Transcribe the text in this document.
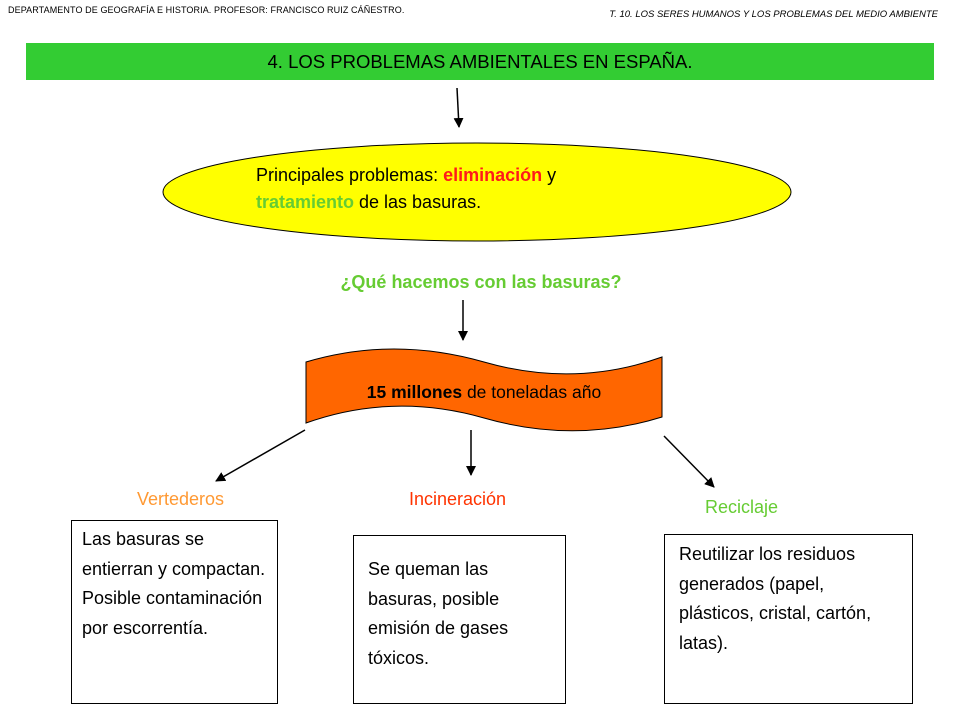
DEPARTAMENTO DE GEOGRAFÍA E HISTORIA. PROFESOR: FRANCISCO RUIZ CÁÑESTRO.	T. 10. LOS SERES HUMANOS Y LOS PROBLEMAS DEL MEDIO AMBIENTE
4. LOS PROBLEMAS AMBIENTALES EN ESPAÑA.
Principales problemas: eliminación y
tratamiento de las basuras.
¿Qué hacemos con las basuras?
15 millones de toneladas año
Vertederos	Incineración	Reciclaje
Las basuras se entierran y compactan. Posible contaminación por escorrentía.
Se queman las basuras, posible emisión de gases tóxicos.
Reutilizar los residuos generados (papel, plásticos, cristal, cartón, latas).
